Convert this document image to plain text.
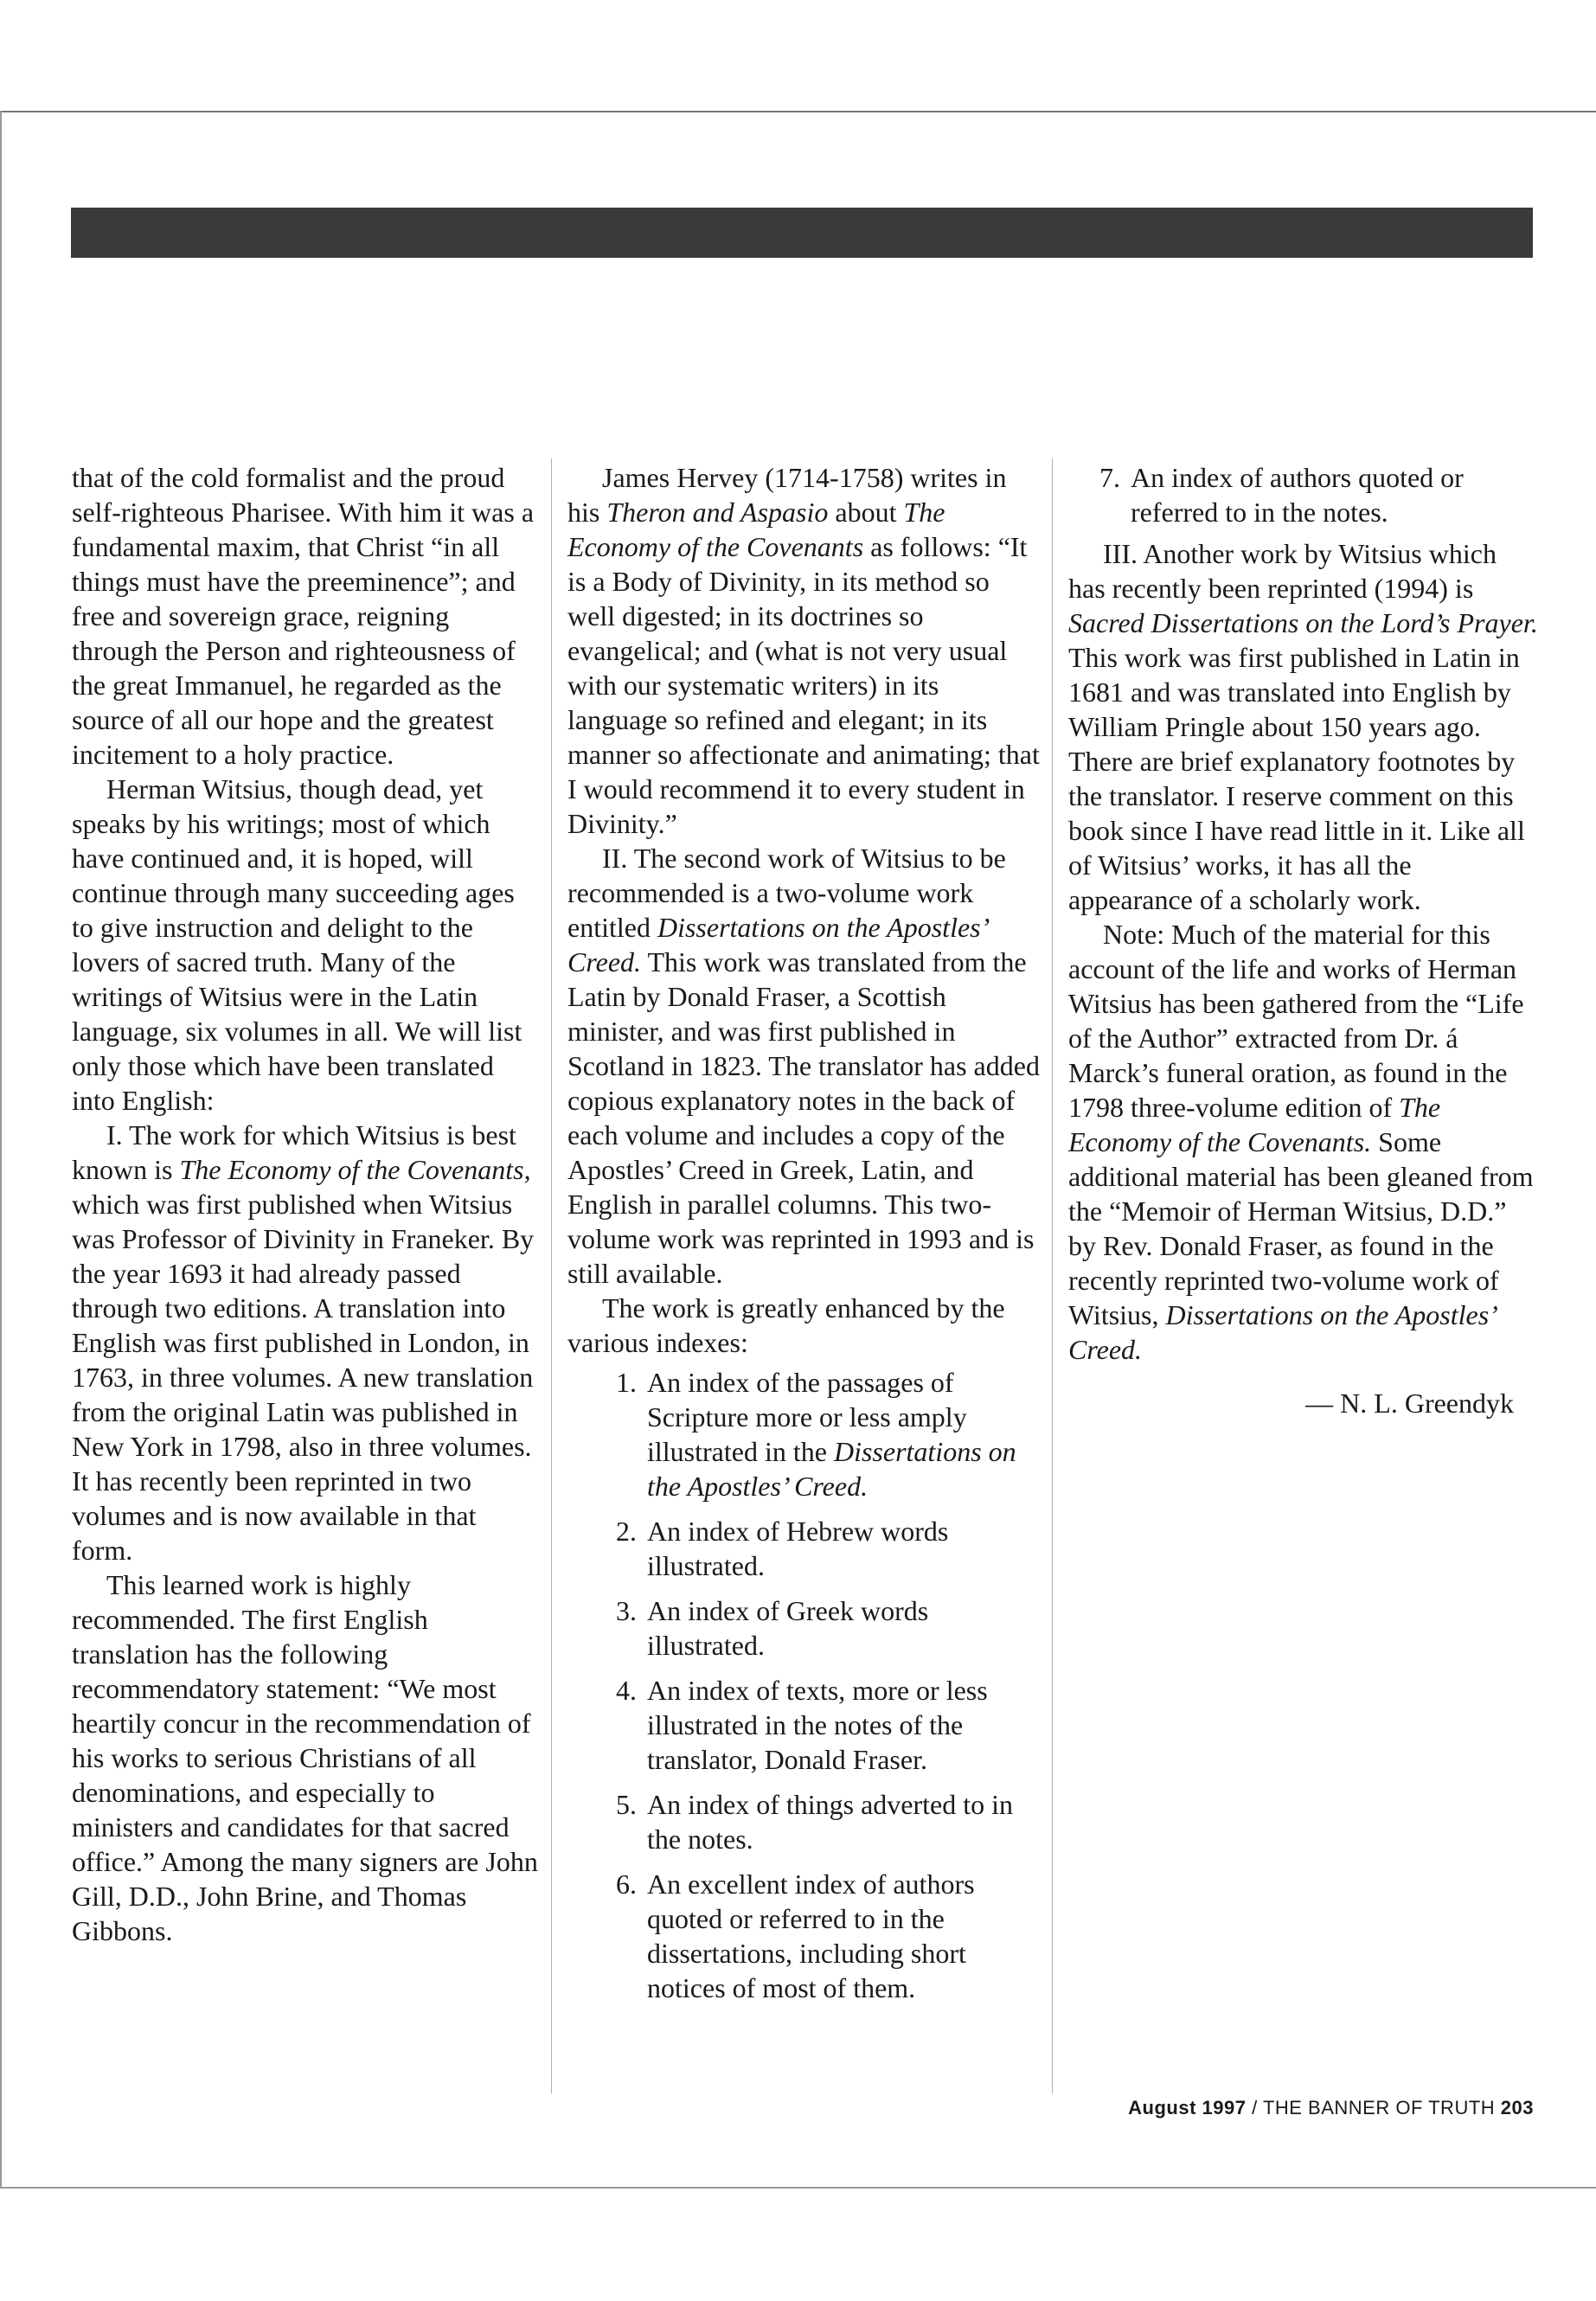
that of the cold formalist and the proud self-righteous Pharisee. With him it was a fundamental maxim, that Christ “in all things must have the preeminence”; and free and sovereign grace, reigning through the Person and righteousness of the great Immanuel, he regarded as the source of all our hope and the greatest incitement to a holy practice.

Herman Witsius, though dead, yet speaks by his writings; most of which have continued and, it is hoped, will continue through many succeeding ages to give instruction and delight to the lovers of sacred truth. Many of the writings of Witsius were in the Latin language, six volumes in all. We will list only those which have been translated into English:

I. The work for which Witsius is best known is The Economy of the Covenants, which was first published when Witsius was Professor of Divinity in Franeker. By the year 1693 it had already passed through two editions. A translation into English was first published in London, in 1763, in three volumes. A new translation from the original Latin was published in New York in 1798, also in three volumes. It has recently been reprinted in two volumes and is now available in that form.

This learned work is highly recommended. The first English translation has the following recommendatory statement: “We most heartily concur in the recommendation of his works to serious Christians of all denominations, and especially to ministers and candidates for that sacred office.” Among the many signers are John Gill, D.D., John Brine, and Thomas Gibbons.

James Hervey (1714-1758) writes in his Theron and Aspasio about The Economy of the Covenants as follows: “It is a Body of Divinity, in its method so well digested; in its doctrines so evangelical; and (what is not very usual with our systematic writers) in its language so refined and elegant; in its manner so affectionate and animating; that I would recommend it to every student in Divinity.”

II. The second work of Witsius to be recommended is a two-volume work entitled Dissertations on the Apostles’ Creed. This work was translated from the Latin by Donald Fraser, a Scottish minister, and was first published in Scotland in 1823. The translator has added copious explanatory notes in the back of each volume and includes a copy of the Apostles’ Creed in Greek, Latin, and English in parallel columns. This two-volume work was reprinted in 1993 and is still available.

The work is greatly enhanced by the various indexes:

1. An index of the passages of Scripture more or less amply illustrated in the Dissertations on the Apostles’ Creed.
2. An index of Hebrew words illustrated.
3. An index of Greek words illustrated.
4. An index of texts, more or less illustrated in the notes of the translator, Donald Fraser.
5. An index of things adverted to in the notes.
6. An excellent index of authors quoted or referred to in the dissertations, including short notices of most of them.
7. An index of authors quoted or referred to in the notes.

III. Another work by Witsius which has recently been reprinted (1994) is Sacred Dissertations on the Lord’s Prayer. This work was first published in Latin in 1681 and was translated into English by William Pringle about 150 years ago. There are brief explanatory footnotes by the translator. I reserve comment on this book since I have read little in it. Like all of Witsius’ works, it has all the appearance of a scholarly work.

Note: Much of the material for this account of the life and works of Herman Witsius has been gathered from the “Life of the Author” extracted from Dr. á Marck’s funeral oration, as found in the 1798 three-volume edition of The Economy of the Covenants. Some additional material has been gleaned from the “Memoir of Herman Witsius, D.D.” by Rev. Donald Fraser, as found in the recently reprinted two-volume work of Witsius, Dissertations on the Apostles’ Creed.

— N. L. Greendyk
August 1997 / THE BANNER OF TRUTH 203
